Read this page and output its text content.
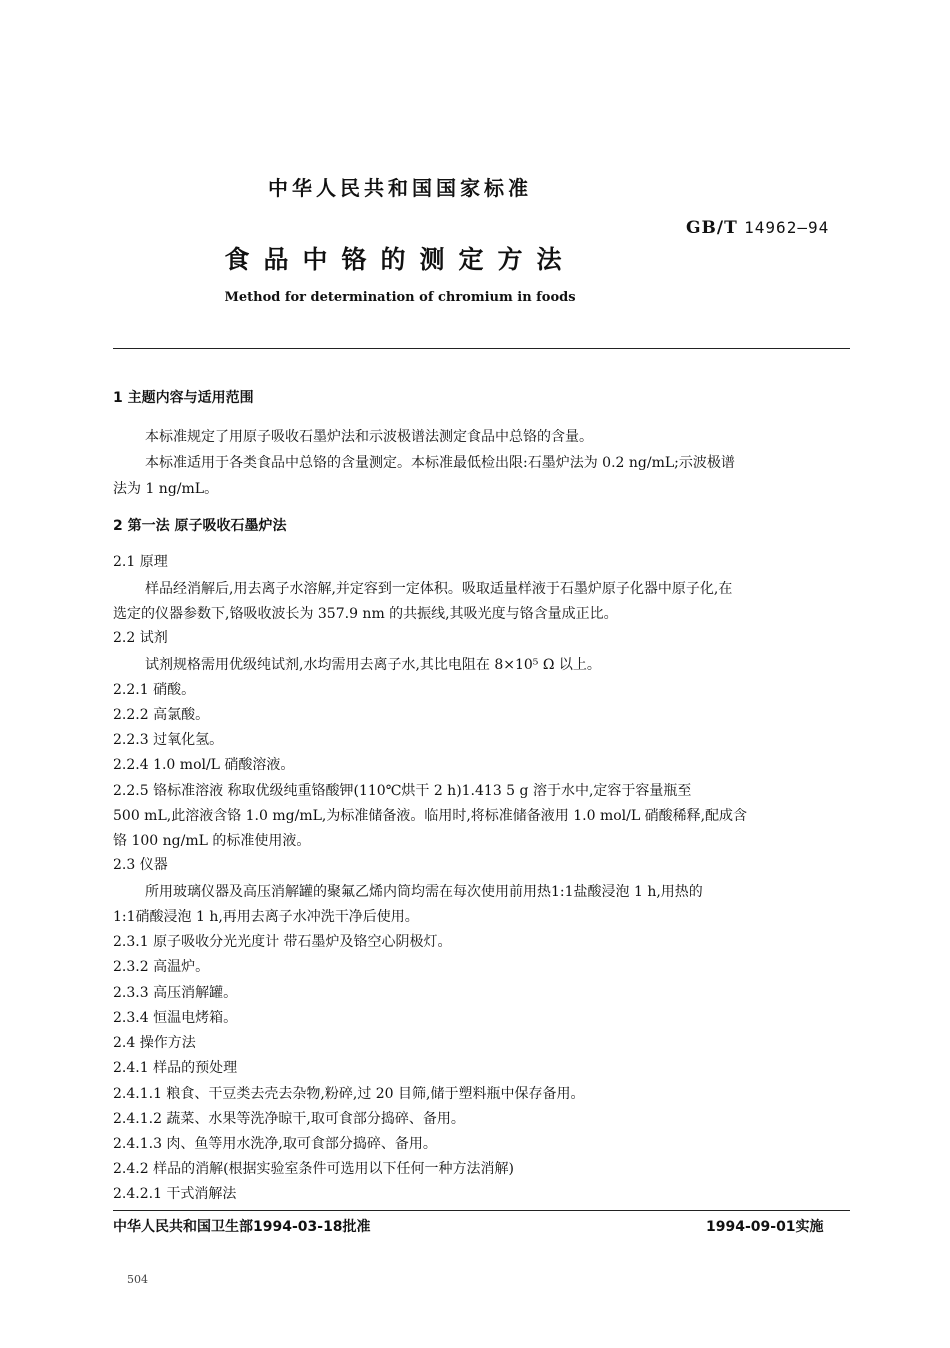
中华人民共和国国家标准
GB/T 14962—94
食品中铬的测定方法
Method for determination of chromium in foods
1 主题内容与适用范围
本标准规定了用原子吸收石墨炉法和示波极谱法测定食品中总铬的含量。
本标准适用于各类食品中总铬的含量测定。本标准最低检出限:石墨炉法为 0.2 ng/mL;示波极谱
法为 1 ng/mL。
2 第一法 原子吸收石墨炉法
2.1 原理
样品经消解后,用去离子水溶解,并定容到一定体积。吸取适量样液于石墨炉原子化器中原子化,在
选定的仪器参数下,铬吸收波长为 357.9 nm 的共振线,其吸光度与铬含量成正比。
2.2 试剂
试剂规格需用优级纯试剂,水均需用去离子水,其比电阻在 8×10⁵ Ω 以上。
2.2.1 硝酸。
2.2.2 高氯酸。
2.2.3 过氧化氢。
2.2.4 1.0 mol/L 硝酸溶液。
2.2.5 铬标准溶液 称取优级纯重铬酸钾(110℃烘干 2 h)1.413 5 g 溶于水中,定容于容量瓶至
500 mL,此溶液含铬 1.0 mg/mL,为标准储备液。临用时,将标准储备液用 1.0 mol/L 硝酸稀释,配成含
铬 100 ng/mL 的标准使用液。
2.3 仪器
所用玻璃仪器及高压消解罐的聚氟乙烯内筒均需在每次使用前用热1:1盐酸浸泡 1 h,用热的
1:1硝酸浸泡 1 h,再用去离子水冲洗干净后使用。
2.3.1 原子吸收分光光度计 带石墨炉及铬空心阴极灯。
2.3.2 高温炉。
2.3.3 高压消解罐。
2.3.4 恒温电烤箱。
2.4 操作方法
2.4.1 样品的预处理
2.4.1.1 粮食、干豆类去壳去杂物,粉碎,过 20 目筛,储于塑料瓶中保存备用。
2.4.1.2 蔬菜、水果等洗净晾干,取可食部分捣碎、备用。
2.4.1.3 肉、鱼等用水洗净,取可食部分捣碎、备用。
2.4.2 样品的消解(根据实验室条件可选用以下任何一种方法消解)
2.4.2.1 干式消解法
中华人民共和国卫生部1994-03-18批准	1994-09-01实施
504
